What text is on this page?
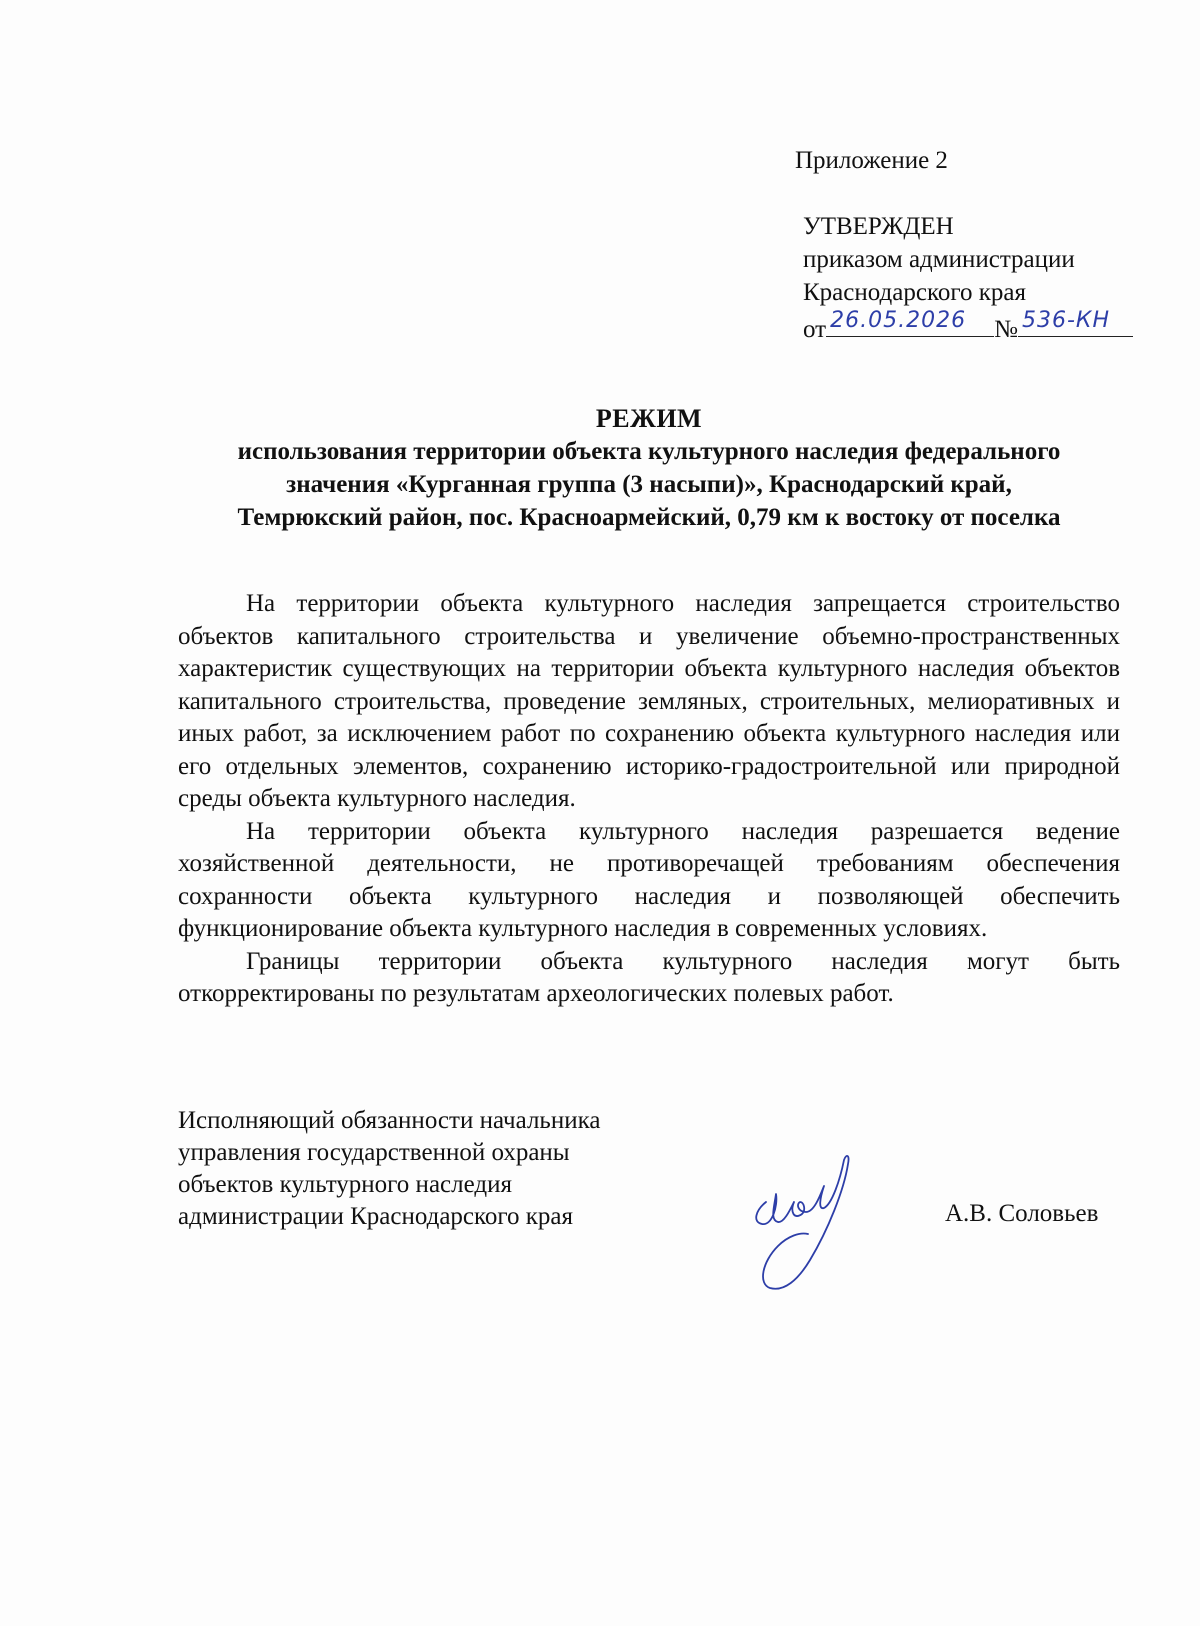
Приложение 2
УТВЕРЖДЕН
приказом администрации
Краснодарского края
от 26.05.2026 № 536-КН
РЕЖИМ
использования территории объекта культурного наследия федерального
значения «Курганная группа (3 насыпи)», Краснодарский край,
Темрюкский район, пос. Красноармейский, 0,79 км к востоку от поселка

На территории объекта культурного наследия запрещается строительство объектов капитального строительства и увеличение объемно-пространственных характеристик существующих на территории объекта культурного наследия объектов капитального строительства, проведение земляных, строительных, мелиоративных и иных работ, за исключением работ по сохранению объекта культурного наследия или его отдельных элементов, сохранению историко-градостроительной или природной среды объекта культурного наследия.

На территории объекта культурного наследия разрешается ведение хозяйственной деятельности, не противоречащей требованиям обеспечения сохранности объекта культурного наследия и позволяющей обеспечить функционирование объекта культурного наследия в современных условиях.

Границы территории объекта культурного наследия могут быть откорректированы по результатам археологических полевых работ.

Исполняющий обязанности начальника
управления государственной охраны
объектов культурного наследия
администрации Краснодарского края	А.В. Соловьев
